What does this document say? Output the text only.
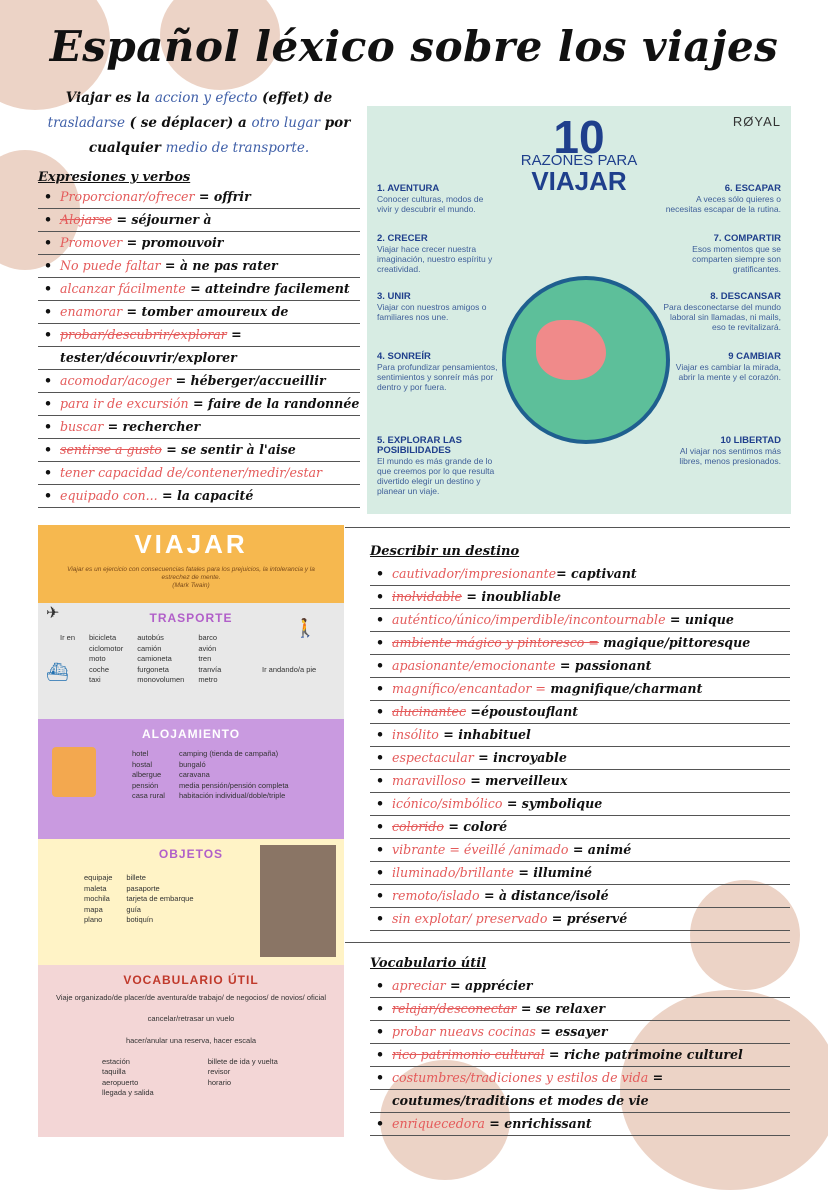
Español léxico sobre los viajes

Viajar es la accion y efecto (effet) de trasladarse ( se déplacer) a otro lugar por cualquier medio de transporte.

Expresiones y verbos
• Proporcionar/ofrecer = offrir
• Alojarse = séjourner à
• Promover = promouvoir
• No puede faltar = à ne pas rater
• alcanzar fácilmente = atteindre facilement
• enamorar = tomber amoureux de
• probar/descubrir/explorar =
tester/découvrir/explorer
• acomodar/acoger = héberger/accueillir
• para ir de excursión = faire de la randonnée
• buscar = rechercher
• sentirse a gusto = se sentir à l'aise
• tener capacidad de/contener/medir/estar
• equipado con... = la capacité
10
RAZONES PARA
VIAJAR
RØYAL
1. AVENTURA
Conocer culturas, modos de vivir y descubrir el mundo.
2. CRECER
Viajar hace crecer nuestra imaginación, nuestro espíritu y creatividad.
3. UNIR
Viajar con nuestros amigos o familiares nos une.
4. SONREÍR
Para profundizar pensamientos, sentimientos y sonreír más por dentro y por fuera.
5. EXPLORAR LAS POSIBILIDADES
El mundo es más grande de lo que creemos por lo que resulta divertido elegir un destino y planear un viaje.
6. ESCAPAR
A veces sólo quieres o necesitas escapar de la rutina.
7. COMPARTIR
Esos momentos que se comparten siempre son gratificantes.
8. DESCANSAR
Para desconectarse del mundo laboral sin llamadas, ni mails, eso te revitalizará.
9 CAMBIAR
Viajar es cambiar la mirada, abrir la mente y el corazón.
10 LIBERTAD
Al viajar nos sentimos más libres, menos presionados.
VIAJAR
Viajar es un ejercicio con consecuencias fatales para los prejuicios, la intolerancia y la estrechez de mente.
(Mark Twain)
TRASPORTE
✈
⛴
🚶
Ir en bicicleta
ciclomotor
moto
coche
taxi
autobús
camión
camioneta
furgoneta
monovolumen
barco
avión
tren
tranvía
metro
Ir andando/a pie
ALOJAMIENTO
hotel
hostal
albergue
pensión
casa rural
camping (tienda de campaña)
bungaló
caravana
media pensión/pensión completa
habitación individual/doble/triple
OBJETOS
equipaje
maleta
mochila
mapa
plano
billete
pasaporte
tarjeta de embarque
guía
botiquín
VOCABULARIO ÚTIL
Viaje organizado/de placer/de aventura/de trabajo/ de negocios/ de novios/ oficial
cancelar/retrasar un vuelo
hacer/anular una reserva, hacer escala
estación
taquilla
aeropuerto
llegada y salida
billete de ida y vuelta
revisor
horario
Describir un destino
• cautivador/impresionante= captivant
• inolvidable = inoubliable
• auténtico/único/imperdible/incontournable = unique
• ambiente mágico y pintoresco = magique/pittoresque
• apasionante/emocionante = passionant
• magnífico/encantador = magnifique/charmant
• alucinantec =époustouflant
• insólito = inhabituel
• espectacular = incroyable
• maravilloso = merveilleux
• icónico/simbólico = symbolique
• colorido = coloré
• vibrante = éveillé /animado = animé
• iluminado/brillante = illuminé
• remoto/islado = à distance/isolé
• sin explotar/ preservado = préservé
Vocabulario útil
• apreciar = apprécier
• relajar/desconectar = se relaxer
• probar nueavs cocinas = essayer
• rico patrimonio cultural = riche patrimoine culturel
• costumbres/tradiciones y estilos de vida =
coutumes/traditions et modes de vie
• enriquecedora = enrichissant
